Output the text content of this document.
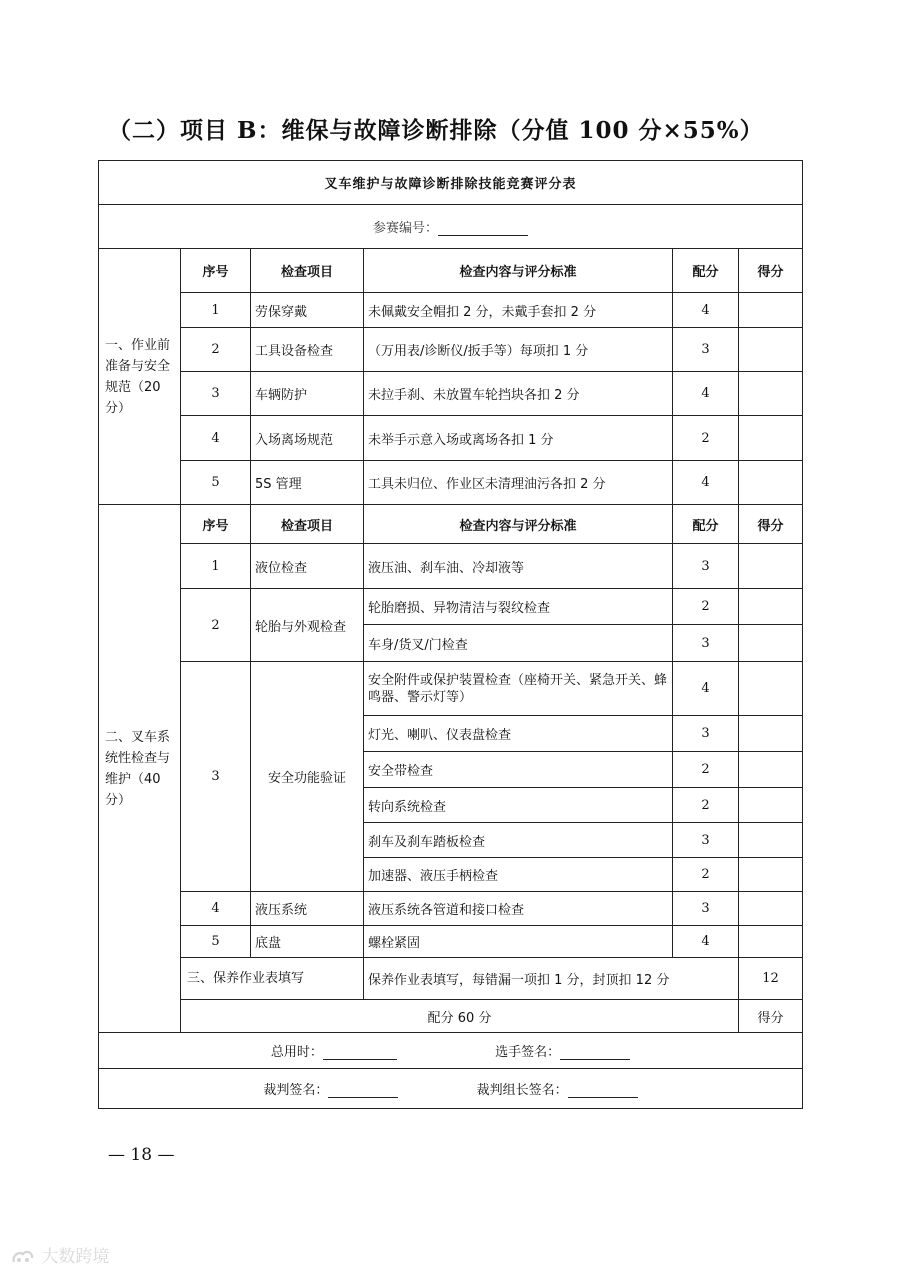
（二）项目 B：维保与故障诊断排除（分值 100 分×55%）
叉车维护与故障诊断排除技能竞赛评分表						
参赛编号：						
一、作业前准备与安全规范（20分）	序号	检查项目	检查内容与评分标准	配分	得分	
	1	劳保穿戴	未佩戴安全帽扣 2 分，未戴手套扣 2 分	4		
	2	工具设备检查	（万用表/诊断仪/扳手等）每项扣 1 分	3		
	3	车辆防护	未拉手刹、未放置车轮挡块各扣 2 分	4		
	4	入场离场规范	未举手示意入场或离场各扣 1 分	2		
	5	5S 管理	工具未归位、作业区未清理油污各扣 2 分	4		
二、叉车系统性检查与维护（40分）	序号	检查项目	检查内容与评分标准	配分	得分	
	1	液位检查	液压油、刹车油、冷却液等	3		
	2	轮胎与外观检查	轮胎磨损、异物清洁与裂纹检查	2		
			车身/货叉/门检查	3		
	3	安全功能验证	安全附件或保护装置检查（座椅开关、紧急开关、蜂鸣器、警示灯等）	4		
			灯光、喇叭、仪表盘检查	3		
			安全带检查	2		
			转向系统检查	2		
			刹车及刹车踏板检查	3		
			加速器、液压手柄检查	2		
	4	液压系统	液压系统各管道和接口检查	3		
	5	底盘	螺栓紧固	4		
	三、保养作业表填写		保养作业表填写，每错漏一项扣 1 分，封顶扣 12 分		12	
	配分 60 分				得分	
总用时： 选手签名：						
裁判签名： 裁判组长签名：						
— 18 —
大数跨境
